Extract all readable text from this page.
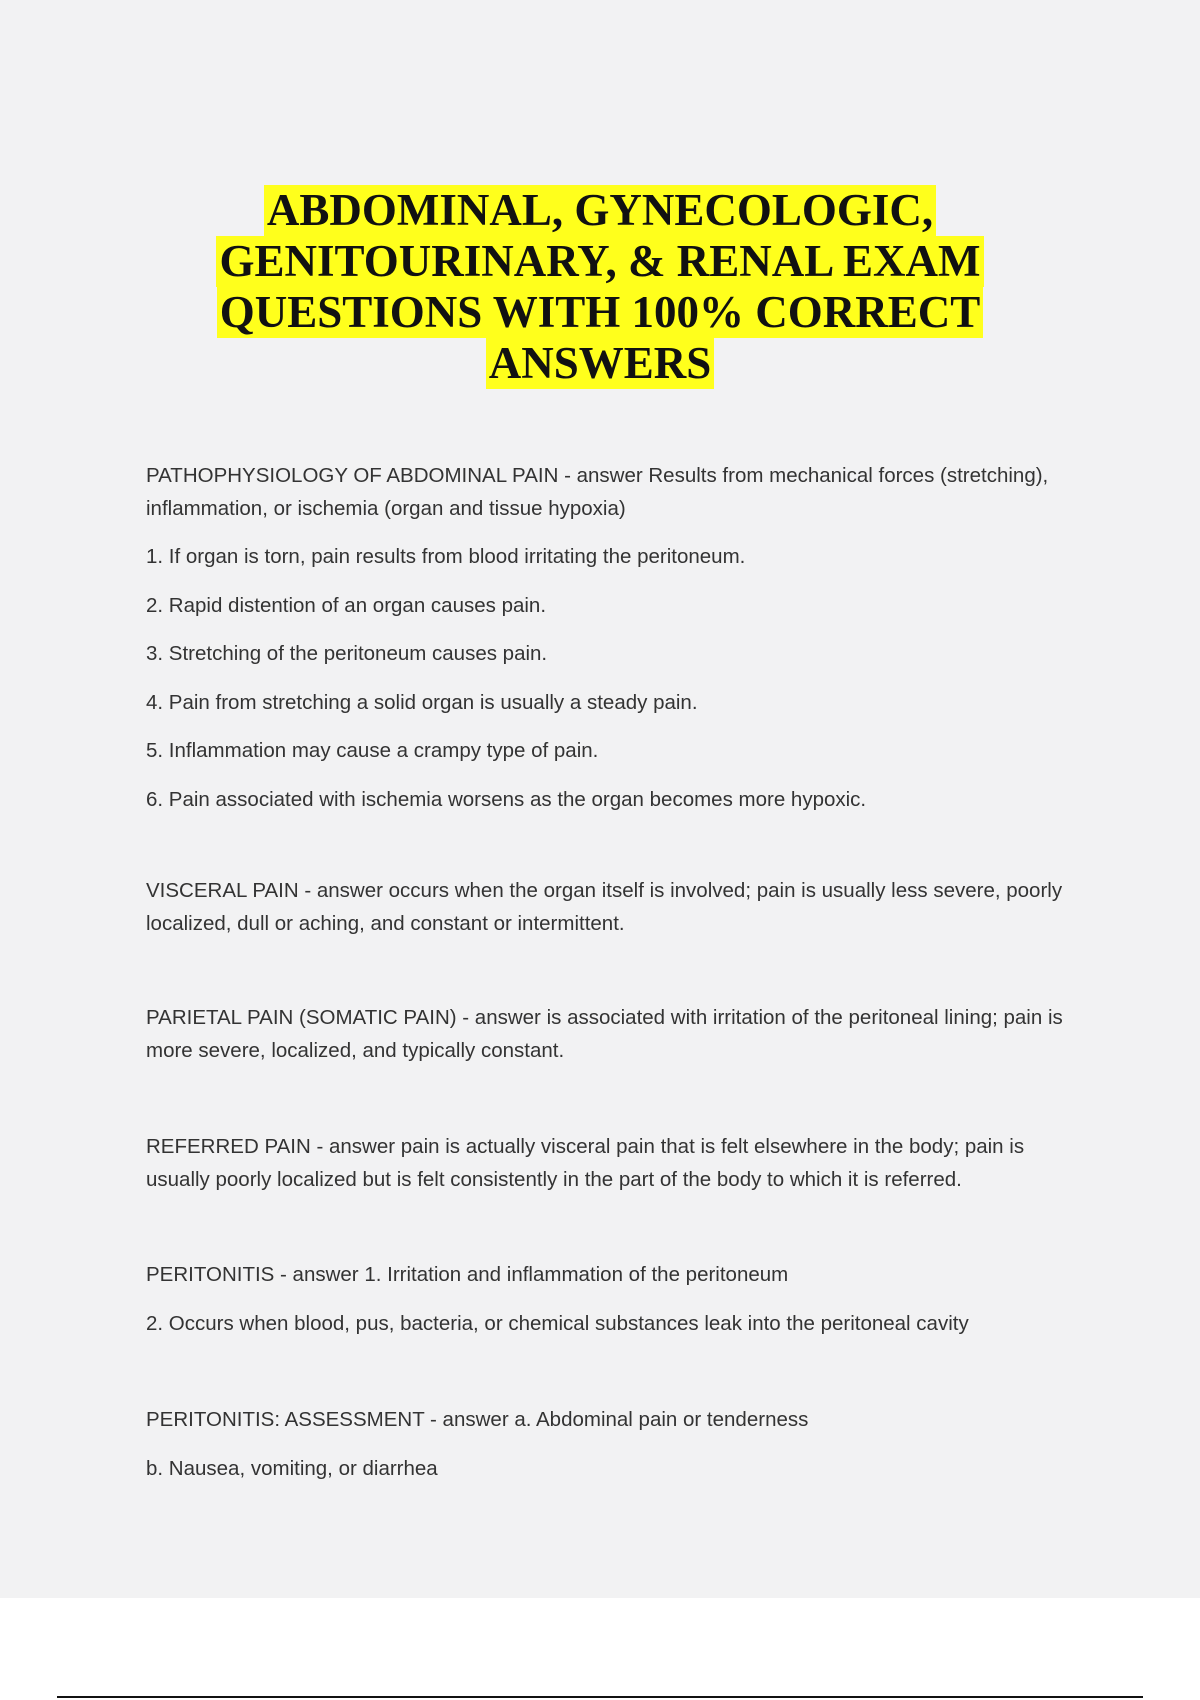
ABDOMINAL, GYNECOLOGIC,
GENITOURINARY, & RENAL EXAM
QUESTIONS WITH 100% CORRECT
ANSWERS

PATHOPHYSIOLOGY OF ABDOMINAL PAIN - answer Results from mechanical forces (stretching), inflammation, or ischemia (organ and tissue hypoxia)

1. If organ is torn, pain results from blood irritating the peritoneum.

2. Rapid distention of an organ causes pain.

3. Stretching of the peritoneum causes pain.

4. Pain from stretching a solid organ is usually a steady pain.

5. Inflammation may cause a crampy type of pain.

6. Pain associated with ischemia worsens as the organ becomes more hypoxic.

VISCERAL PAIN - answer occurs when the organ itself is involved; pain is usually less severe, poorly localized, dull or aching, and constant or intermittent.

PARIETAL PAIN (SOMATIC PAIN) - answer is associated with irritation of the peritoneal lining; pain is more severe, localized, and typically constant.

REFERRED PAIN - answer pain is actually visceral pain that is felt elsewhere in the body; pain is usually poorly localized but is felt consistently in the part of the body to which it is referred.

PERITONITIS - answer 1. Irritation and inflammation of the peritoneum

2. Occurs when blood, pus, bacteria, or chemical substances leak into the peritoneal cavity

PERITONITIS: ASSESSMENT - answer a. Abdominal pain or tenderness

b. Nausea, vomiting, or diarrhea
